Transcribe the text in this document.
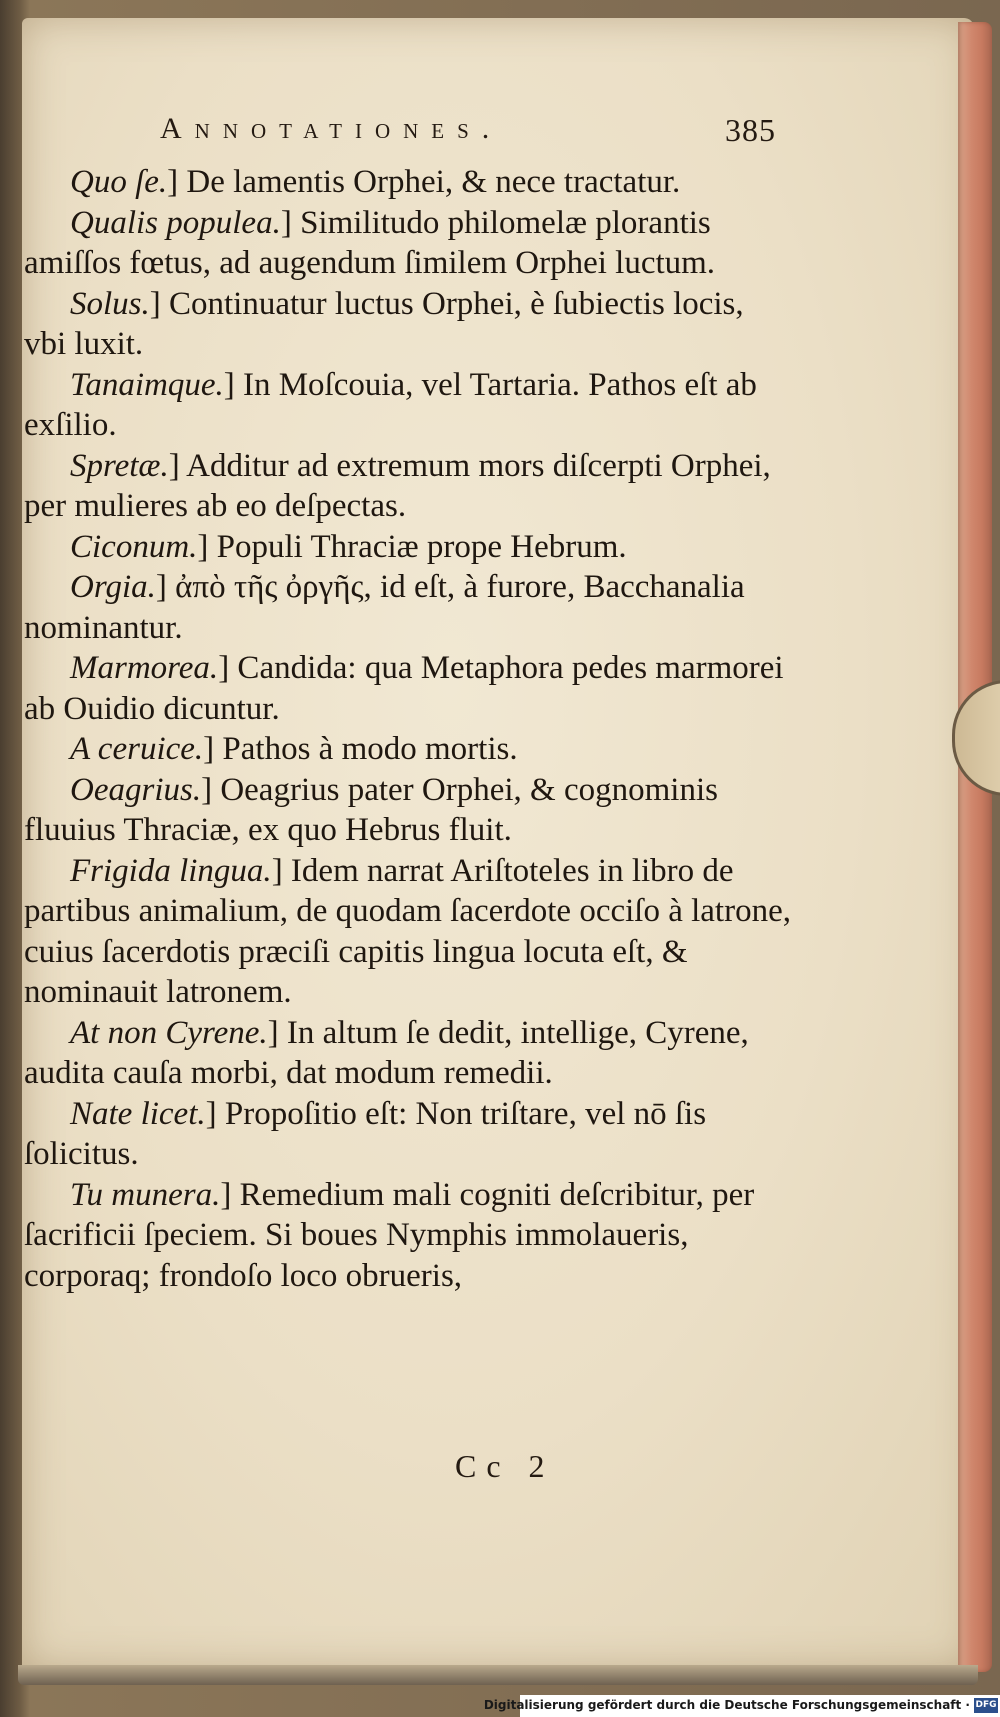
Annotationes.	385

Quo ſe.] De lamentis Orphei, & nece tractatur.

Qualis populea.] Similitudo philomelæ plorantis amiſſos fœtus, ad augendum ſimilem Orphei luctum.

Solus.] Continuatur luctus Orphei, è ſubiectis locis, vbi luxit.

Tanaimque.] In Moſcouia, vel Tartaria. Pathos eſt ab exſilio.

Spretæ.] Additur ad extremum mors diſcerpti Orphei, per mulieres ab eo deſpectas.

Ciconum.] Populi Thraciæ prope Hebrum.

Orgia.] ἀπὸ τῆς ὀργῆς, id eſt, à furore, Bacchanalia nominantur.

Marmorea.] Candida: qua Metaphora pedes marmorei ab Ouidio dicuntur.

A ceruice.] Pathos à modo mortis.

Oeagrius.] Oeagrius pater Orphei, & cognominis fluuius Thraciæ, ex quo Hebrus fluit.

Frigida lingua.] Idem narrat Ariſtoteles in libro de partibus animalium, de quodam ſacerdote occiſo à latrone, cuius ſacerdotis præciſi capitis lingua locuta eſt, & nominauit latronem.

At non Cyrene.] In altum ſe dedit, intellige, Cyrene, audita cauſa morbi, dat modum remedii.

Nate licet.] Propoſitio eſt: Non triſtare, vel nō ſis ſolicitus.

Tu munera.] Remedium mali cogniti deſcribitur, per ſacrificii ſpeciem. Si boues Nymphis immolaueris, corporaq; frondoſo loco obrueris,

Cc 2
Digitalisierung gefördert durch die Deutsche Forschungsgemeinschaft · DFG
